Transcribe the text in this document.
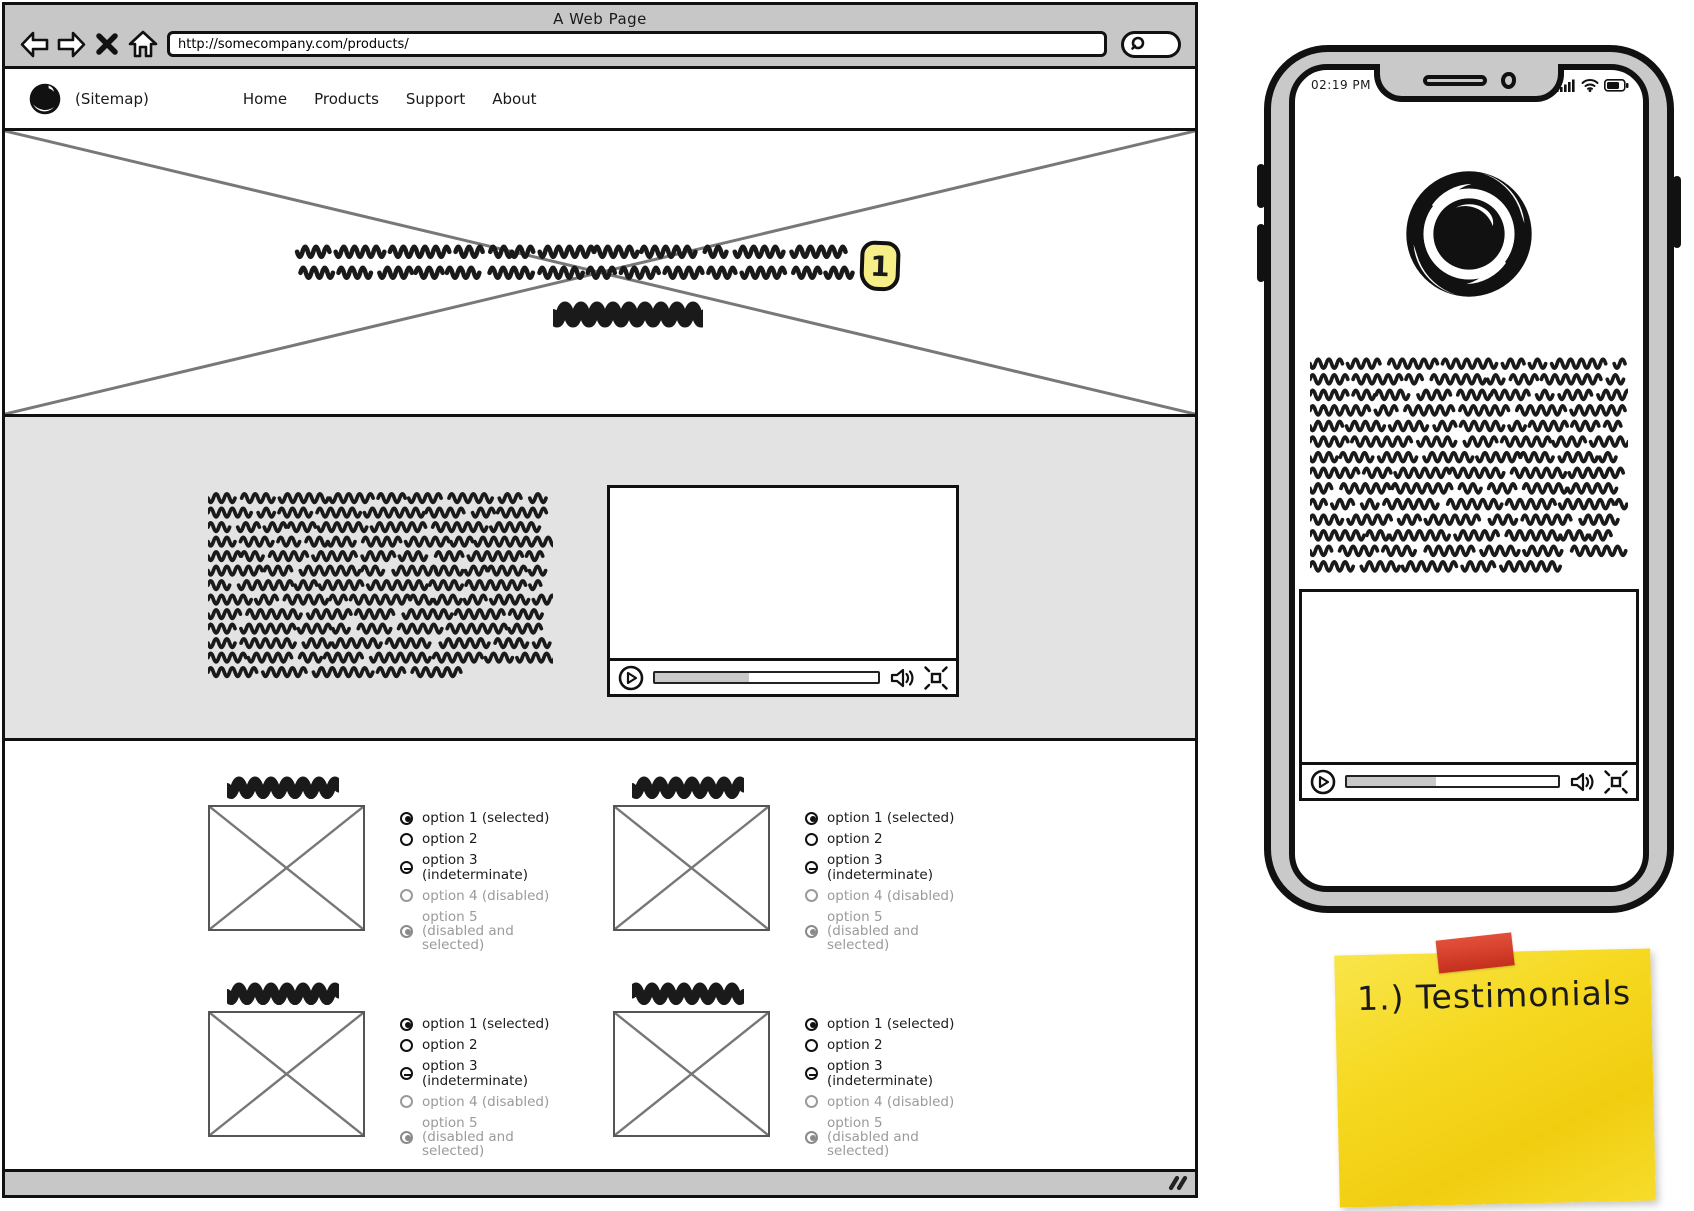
A Web Page
http://somecompany.com/products/
(Sitemap)	Home Products Support About
1
option 1 (selected)
option 2
option 3 (indeterminate)
option 4 (disabled)
option 5
(disabled and selected)
option 1 (selected)
option 2
option 3 (indeterminate)
option 4 (disabled)
option 5
(disabled and selected)
option 1 (selected)
option 2
option 3 (indeterminate)
option 4 (disabled)
option 5
(disabled and selected)
option 1 (selected)
option 2
option 3 (indeterminate)
option 4 (disabled)
option 5
(disabled and selected)
02:19 PM
1.) Testimonials
